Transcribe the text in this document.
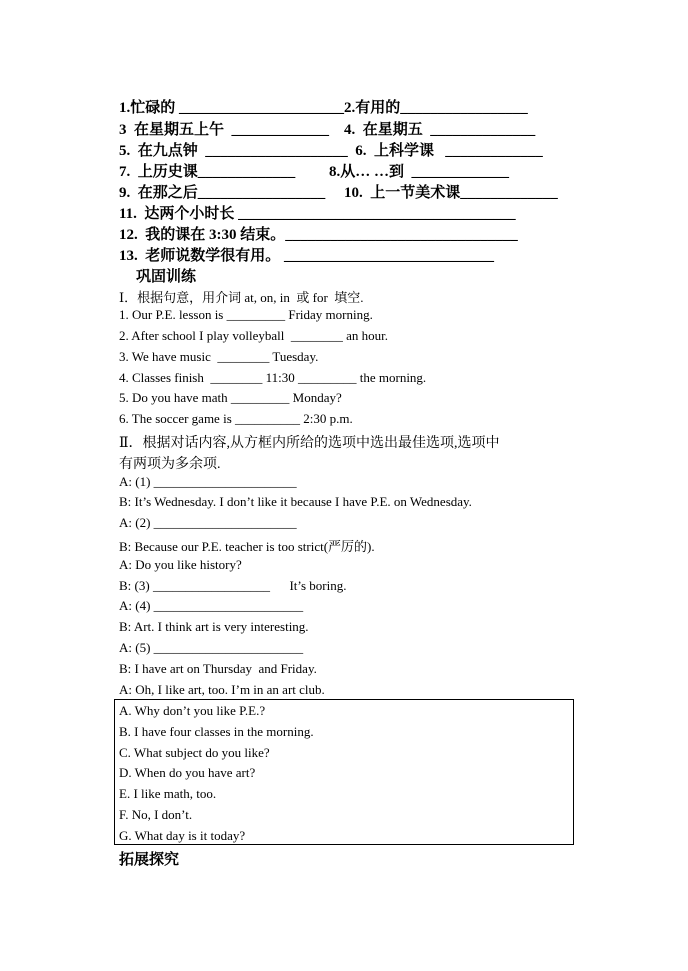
1.忙碌的 ______________________2.有用的_________________
3  在星期五上午  _____________    4.  在星期五  ______________
5.  在九点钟  ___________________  6.  上科学课   _____________
7.  上历史课_____________         8.从… …到  _____________
9.  在那之后_________________     10.  上一节美术课_____________
11.  达两个小时长 _____________________________________
12.  我的课在 3:30 结束。_______________________________
13.  老师说数学很有用。 ____________________________
巩固训练
Ⅰ．根据句意，用介词 at, on, in  或 for  填空.
1. Our P.E. lesson is _________ Friday morning.
2. After school I play volleyball  ________ an hour.
3. We have music  ________ Tuesday.
4. Classes finish  ________ 11:30 _________ the morning.
5. Do you have math _________ Monday?
6. The soccer game is __________ 2:30 p.m.
Ⅱ．根据对话内容,从方框内所给的选项中选出最佳选项,选项中
有两项为多余项.
A: (1) ______________________
B: It’s Wednesday. I don’t like it because I have P.E. on Wednesday.
A: (2) ______________________
B: Because our P.E. teacher is too strict(严厉的).
A: Do you like history?
B: (3) __________________      It’s boring.
A: (4) _______________________
B: Art. I think art is very interesting.
A: (5) _______________________
B: I have art on Thursday  and Friday.
A: Oh, I like art, too. I’m in an art club.
A. Why don’t you like P.E.?
B. I have four classes in the morning.
C. What subject do you like?
D. When do you have art?
E. I like math, too.
F. No, I don’t.
G. What day is it today?
拓展探究
